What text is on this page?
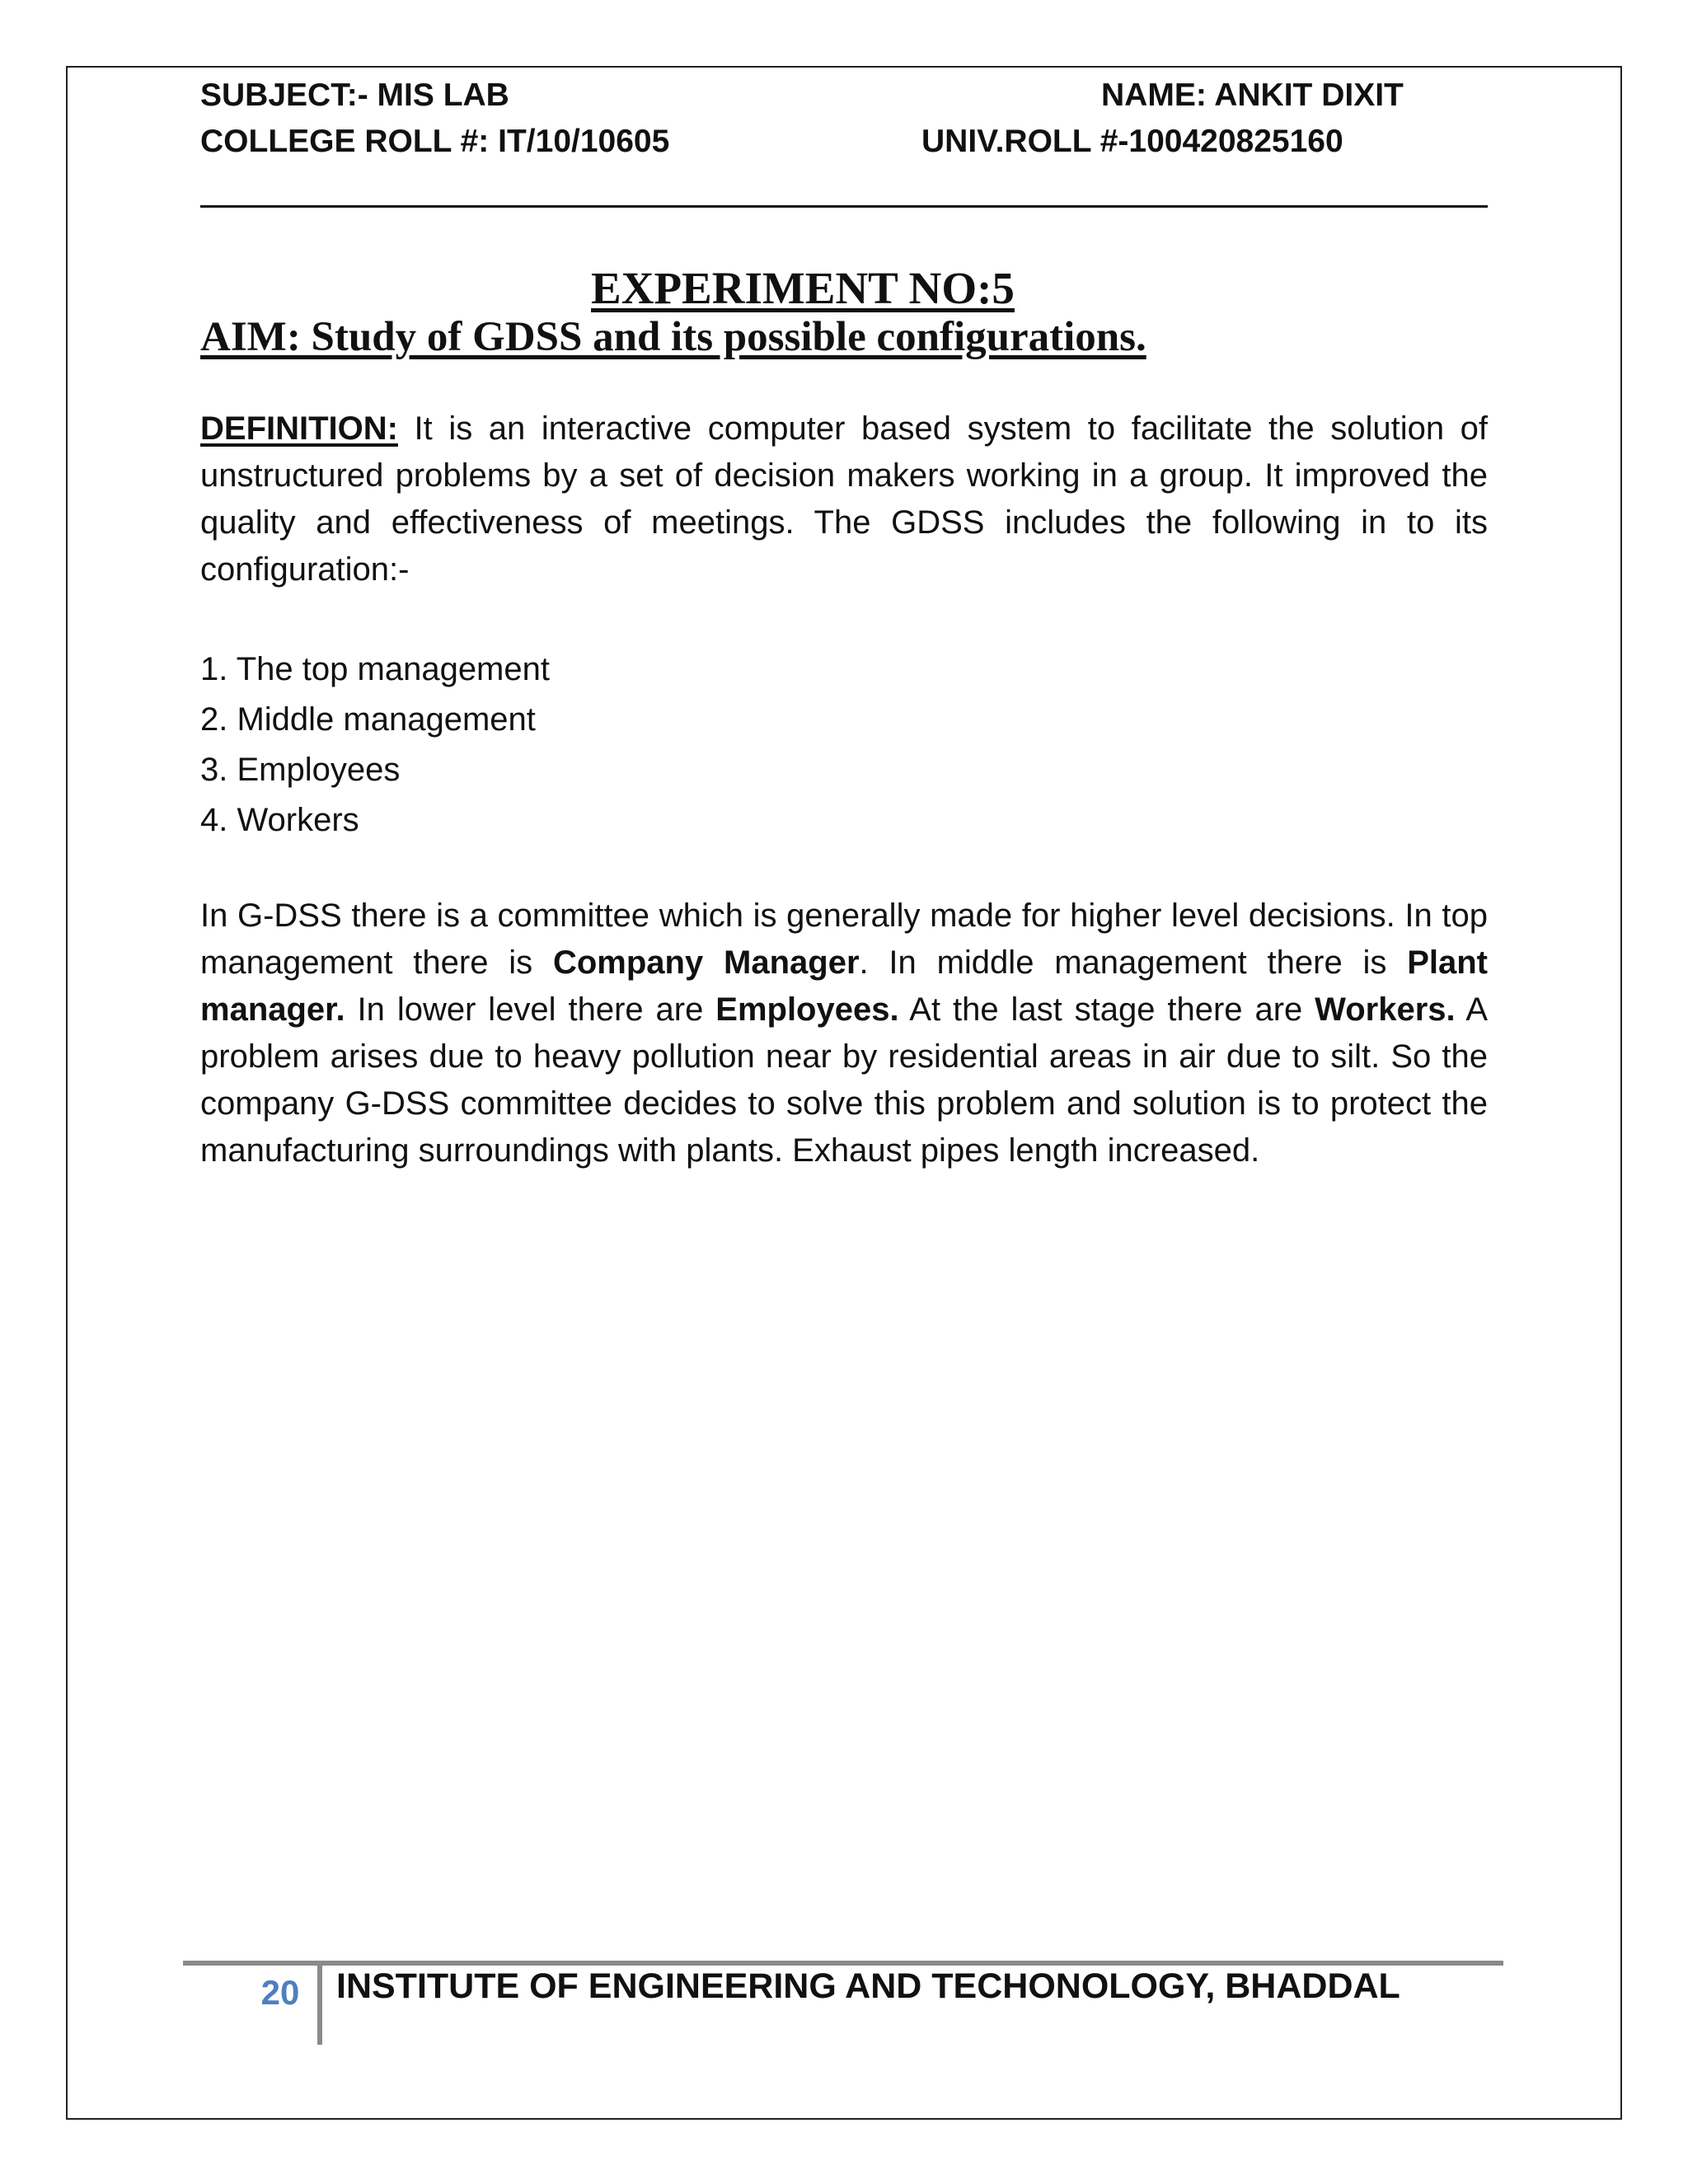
SUBJECT:- MIS LAB	NAME: ANKIT DIXIT
COLLEGE ROLL #: IT/10/10605	UNIV.ROLL #-100420825160
EXPERIMENT NO:5
AIM: Study of GDSS and its possible configurations.
DEFINITION: It is an interactive computer based system to facilitate the solution of unstructured problems by a set of decision makers working in a group. It improved the quality and effectiveness of meetings. The GDSS includes the following in to its configuration:-
1. The top management
2. Middle management
3. Employees
4. Workers
In G-DSS there is a committee which is generally made for higher level decisions. In top management there is Company Manager. In middle management there is Plant manager. In lower level there are Employees. At the last stage there are Workers. A problem arises due to heavy pollution near by residential areas in air due to silt. So the company G-DSS committee decides to solve this problem and solution is to protect the manufacturing surroundings with plants. Exhaust pipes length increased.
20	INSTITUTE OF ENGINEERING AND TECHONOLOGY, BHADDAL
